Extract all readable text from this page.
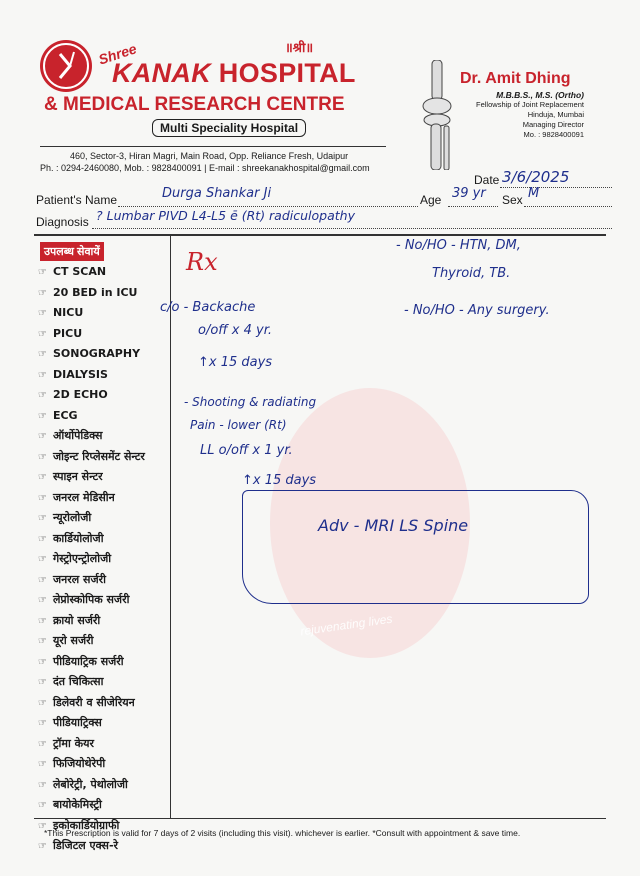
rejuvenating lives
॥श्री॥
Shree
KANAK HOSPITAL
& MEDICAL RESEARCH CENTRE
Multi Speciality Hospital
460, Sector-3, Hiran Magri, Main Road, Opp. Reliance Fresh, Udaipur
Ph. : 0294-2460080, Mob. : 9828400091 | E-mail : shreekanakhospital@gmail.com
Dr. Amit Dhing
M.B.B.S., M.S. (Ortho)
Fellowship of Joint Replacement
Hinduja, Mumbai
Managing Director
Mo. : 9828400091
Date 3/6/2025
Patient's Name	Durga Shankar Ji	Age 39 yr Sex M
Diagnosis ? Lumbar PIVD L4-L5 ē (Rt) radiculopathy
उपलब्ध सेवायें
☞ CT SCAN
☞ 20 BED in ICU
☞ NICU
☞ PICU
☞ SONOGRAPHY
☞ DIALYSIS
☞ 2D ECHO
☞ ECG
☞ ऑर्थोपेडिक्स
☞ जोइन्ट रिप्लेसमेंट सेन्टर
☞ स्पाइन सेन्टर
☞ जनरल मेडिसीन
☞ न्यूरोलोजी
☞ कार्डियोलोजी
☞ गेस्ट्रोएन्ट्रोलोजी
☞ जनरल सर्जरी
☞ लेप्रोस्कोपिक सर्जरी
☞ क्रायो सर्जरी
☞ यूरो सर्जरी
☞ पीडियाट्रिक सर्जरी
☞ दंत चिकित्सा
☞ डिलेवरी व सीजेरियन
☞ पीडियाट्रिक्स
☞ ट्रॉमा केयर
☞ फिजियोथेरेपी
☞ लेबोरेट्री, पेथोलोजी
☞ बायोकेमिस्ट्री
☞ इकोकार्डियोग्राफी
☞ डिजिटल एक्स-रे
Rx
- No/HO - HTN, DM,
Thyroid, TB.
- No/HO - Any surgery.
c/o - Backache
o/off x 4 yr.
↑x 15 days
- Shooting & radiating
Pain - lower (Rt)
LL o/off x 1 yr.
↑x 15 days
Adv - MRI LS Spine
*This Prescription is valid for 7 days of 2 visits (including this visit). whichever is earlier. *Consult with appointment & save time.
